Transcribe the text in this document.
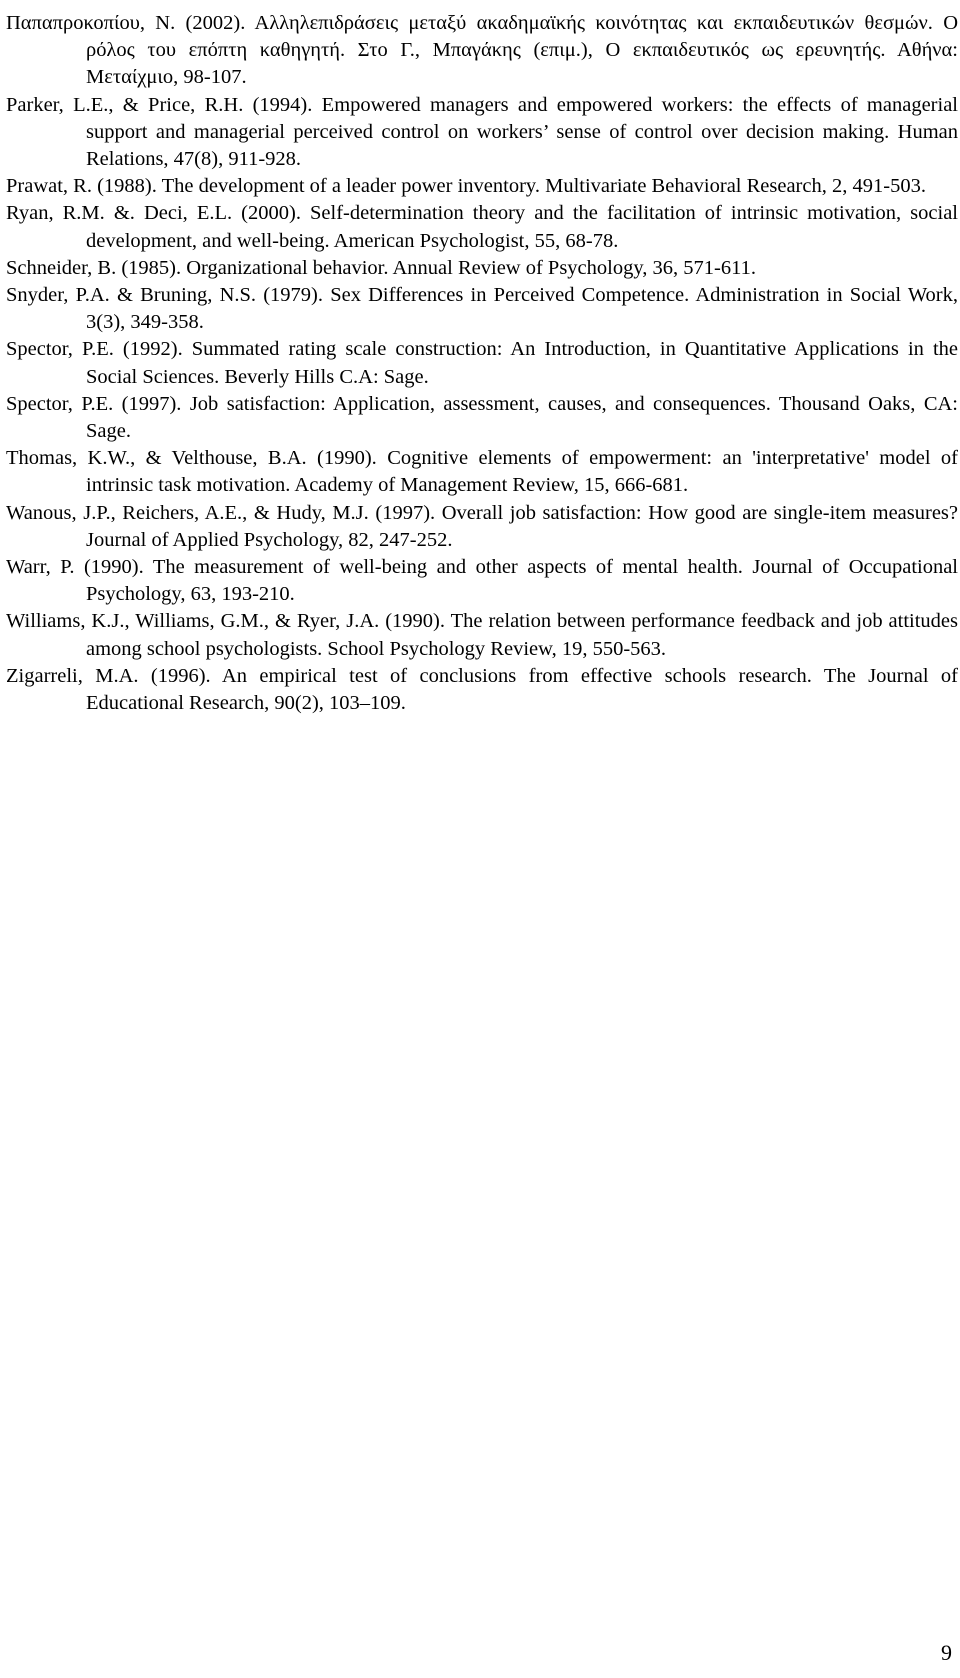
Παπαπροκοπίου, Ν. (2002). Αλληλεπιδράσεις μεταξύ ακαδημαϊκής κοινότητας και εκπαιδευτικών θεσμών. Ο ρόλος του επόπτη καθηγητή. Στο Γ., Μπαγάκης (επιμ.), Ο εκπαιδευτικός ως ερευνητής. Αθήνα: Μεταίχμιο, 98-107.
Parker, L.E., & Price, R.H. (1994). Empowered managers and empowered workers: the effects of managerial support and managerial perceived control on workers’ sense of control over decision making. Human Relations, 47(8), 911-928.
Prawat, R. (1988). The development of a leader power inventory. Multivariate Behavioral Research, 2, 491-503.
Ryan, R.M. &. Deci, E.L. (2000). Self-determination theory and the facilitation of intrinsic motivation, social development, and well-being. American Psychologist, 55, 68-78.
Schneider, B. (1985). Organizational behavior. Annual Review of Psychology, 36, 571-611.
Snyder, P.A. & Bruning, N.S. (1979). Sex Differences in Perceived Competence. Administration in Social Work, 3(3), 349-358.
Spector, P.E. (1992). Summated rating scale construction: An Introduction, in Quantitative Applications in the Social Sciences. Beverly Hills C.A: Sage.
Spector, P.E. (1997). Job satisfaction: Application, assessment, causes, and consequences. Thousand Oaks, CA: Sage.
Thomas, K.W., & Velthouse, B.A. (1990). Cognitive elements of empowerment: an 'interpretative' model of intrinsic task motivation. Academy of Management Review, 15, 666-681.
Wanous, J.P., Reichers, A.E., & Hudy, M.J. (1997). Overall job satisfaction: How good are single-item measures? Journal of Applied Psychology, 82, 247-252.
Warr, P. (1990). The measurement of well-being and other aspects of mental health. Journal of Occupational Psychology, 63, 193-210.
Williams, K.J., Williams, G.M., & Ryer, J.A. (1990). The relation between performance feedback and job attitudes among school psychologists. School Psychology Review, 19, 550-563.
Zigarreli, M.A. (1996). An empirical test of conclusions from effective schools research. The Journal of Educational Research, 90(2), 103–109.
9
